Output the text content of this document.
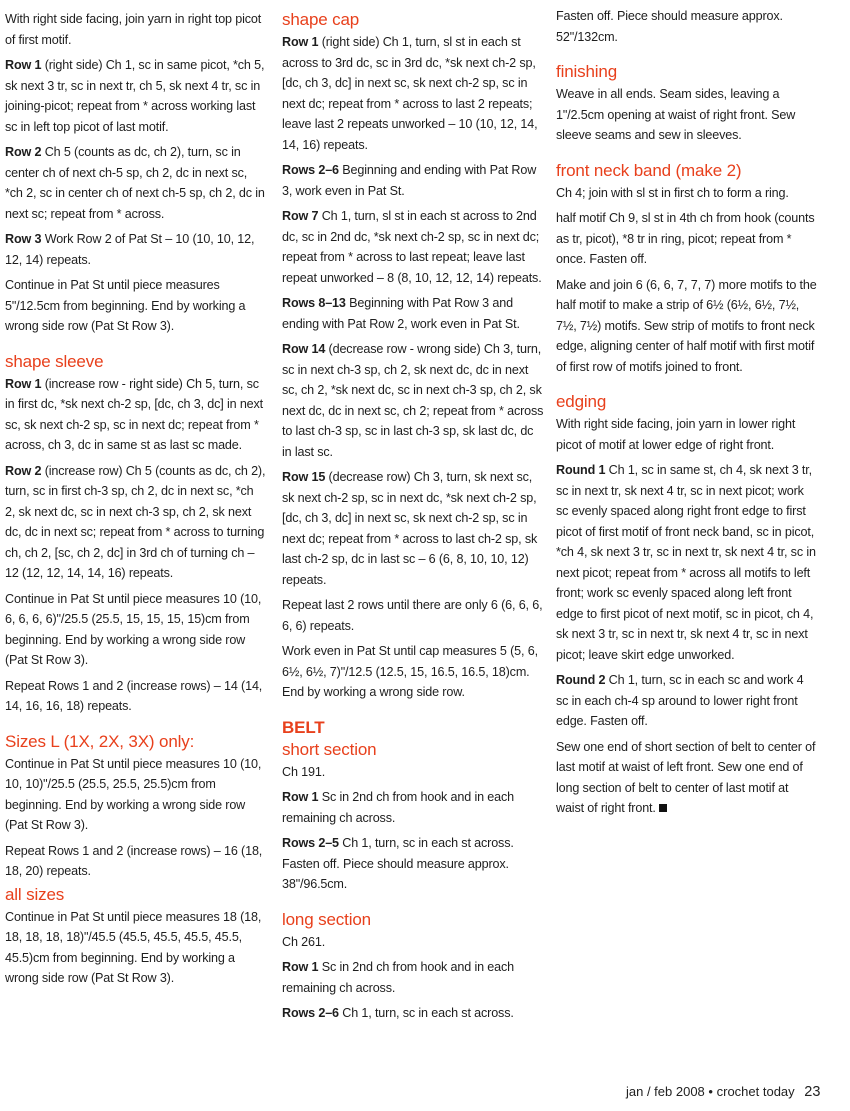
With right side facing, join yarn in right top picot of first motif.

Row 1 (right side) Ch 1, sc in same picot, *ch 5, sk next 3 tr, sc in next tr, ch 5, sk next 4 tr, sc in joining-picot; repeat from * across working last sc in left top picot of last motif.

Row 2 Ch 5 (counts as dc, ch 2), turn, sc in center ch of next ch-5 sp, ch 2, dc in next sc, *ch 2, sc in center ch of next ch-5 sp, ch 2, dc in next sc; repeat from * across.

Row 3 Work Row 2 of Pat St – 10 (10, 10, 12, 12, 14) repeats.

Continue in Pat St until piece measures 5"/12.5cm from beginning. End by working a wrong side row (Pat St Row 3).

shape sleeve

Row 1 (increase row - right side) Ch 5, turn, sc in first dc, *sk next ch-2 sp, [dc, ch 3, dc] in next sc, sk next ch-2 sp, sc in next dc; repeat from * across, ch 3, dc in same st as last sc made.

Row 2 (increase row) Ch 5 (counts as dc, ch 2), turn, sc in first ch-3 sp, ch 2, dc in next sc, *ch 2, sk next dc, sc in next ch-3 sp, ch 2, sk next dc, dc in next sc; repeat from * across to turning ch, ch 2, [sc, ch 2, dc] in 3rd ch of turning ch – 12 (12, 12, 14, 14, 16) repeats.

Continue in Pat St until piece measures 10 (10, 6, 6, 6, 6)"/25.5 (25.5, 15, 15, 15, 15)cm from beginning. End by working a wrong side row (Pat St Row 3).

Repeat Rows 1 and 2 (increase rows) – 14 (14, 14, 16, 16, 18) repeats.

Sizes L (1X, 2X, 3X) only:

Continue in Pat St until piece measures 10 (10, 10, 10)"/25.5 (25.5, 25.5, 25.5)cm from beginning. End by working a wrong side row (Pat St Row 3).

Repeat Rows 1 and 2 (increase rows) – 16 (18, 18, 20) repeats.

all sizes

Continue in Pat St until piece measures 18 (18, 18, 18, 18, 18)"/45.5 (45.5, 45.5, 45.5, 45.5, 45.5)cm from beginning. End by working a wrong side row (Pat St Row 3).

shape cap

Row 1 (right side) Ch 1, turn, sl st in each st across to 3rd dc, sc in 3rd dc, *sk next ch-2 sp, [dc, ch 3, dc] in next sc, sk next ch-2 sp, sc in next dc; repeat from * across to last 2 repeats; leave last 2 repeats unworked – 10 (10, 12, 14, 14, 16) repeats.

Rows 2–6 Beginning and ending with Pat Row 3, work even in Pat St.

Row 7 Ch 1, turn, sl st in each st across to 2nd dc, sc in 2nd dc, *sk next ch-2 sp, sc in next dc; repeat from * across to last repeat; leave last repeat unworked – 8 (8, 10, 12, 12, 14) repeats.

Rows 8–13 Beginning with Pat Row 3 and ending with Pat Row 2, work even in Pat St.

Row 14 (decrease row - wrong side) Ch 3, turn, sc in next ch-3 sp, ch 2, sk next dc, dc in next sc, ch 2, *sk next dc, sc in next ch-3 sp, ch 2, sk next dc, dc in next sc, ch 2; repeat from * across to last ch-3 sp, sc in last ch-3 sp, sk last dc, dc in last sc.

Row 15 (decrease row) Ch 3, turn, sk next sc, sk next ch-2 sp, sc in next dc, *sk next ch-2 sp, [dc, ch 3, dc] in next sc, sk next ch-2 sp, sc in next dc; repeat from * across to last ch-2 sp, sk last ch-2 sp, dc in last sc – 6 (6, 8, 10, 10, 12) repeats.

Repeat last 2 rows until there are only 6 (6, 6, 6, 6, 6) repeats.

Work even in Pat St until cap measures 5 (5, 6, 6½, 6½, 7)"/12.5 (12.5, 15, 16.5, 16.5, 18)cm. End by working a wrong side row.

BELT
short section

Ch 191.

Row 1 Sc in 2nd ch from hook and in each remaining ch across.

Rows 2–5 Ch 1, turn, sc in each st across. Fasten off. Piece should measure approx. 38"/96.5cm.

long section

Ch 261.

Row 1 Sc in 2nd ch from hook and in each remaining ch across.

Rows 2–6 Ch 1, turn, sc in each st across.

Fasten off. Piece should measure approx. 52"/132cm.

finishing

Weave in all ends. Seam sides, leaving a 1"/2.5cm opening at waist of right front. Sew sleeve seams and sew in sleeves.

front neck band (make 2)

Ch 4; join with sl st in first ch to form a ring.

half motif Ch 9, sl st in 4th ch from hook (counts as tr, picot), *8 tr in ring, picot; repeat from * once. Fasten off.

Make and join 6 (6, 6, 7, 7, 7) more motifs to the half motif to make a strip of 6½ (6½, 6½, 7½, 7½, 7½) motifs. Sew strip of motifs to front neck edge, aligning center of half motif with first motif of first row of motifs joined to front.

edging

With right side facing, join yarn in lower right picot of motif at lower edge of right front.

Round 1 Ch 1, sc in same st, ch 4, sk next 3 tr, sc in next tr, sk next 4 tr, sc in next picot; work sc evenly spaced along right front edge to first picot of first motif of front neck band, sc in picot, *ch 4, sk next 3 tr, sc in next tr, sk next 4 tr, sc in next picot; repeat from * across all motifs to left front; work sc evenly spaced along left front edge to first picot of next motif, sc in picot, ch 4, sk next 3 tr, sc in next tr, sk next 4 tr, sc in next picot; leave skirt edge unworked.

Round 2 Ch 1, turn, sc in each sc and work 4 sc in each ch-4 sp around to lower right front edge. Fasten off.

Sew one end of short section of belt to center of last motif at waist of left front. Sew one end of long section of belt to center of last motif at waist of right front.

jan / feb 2008 • crochet today 23
